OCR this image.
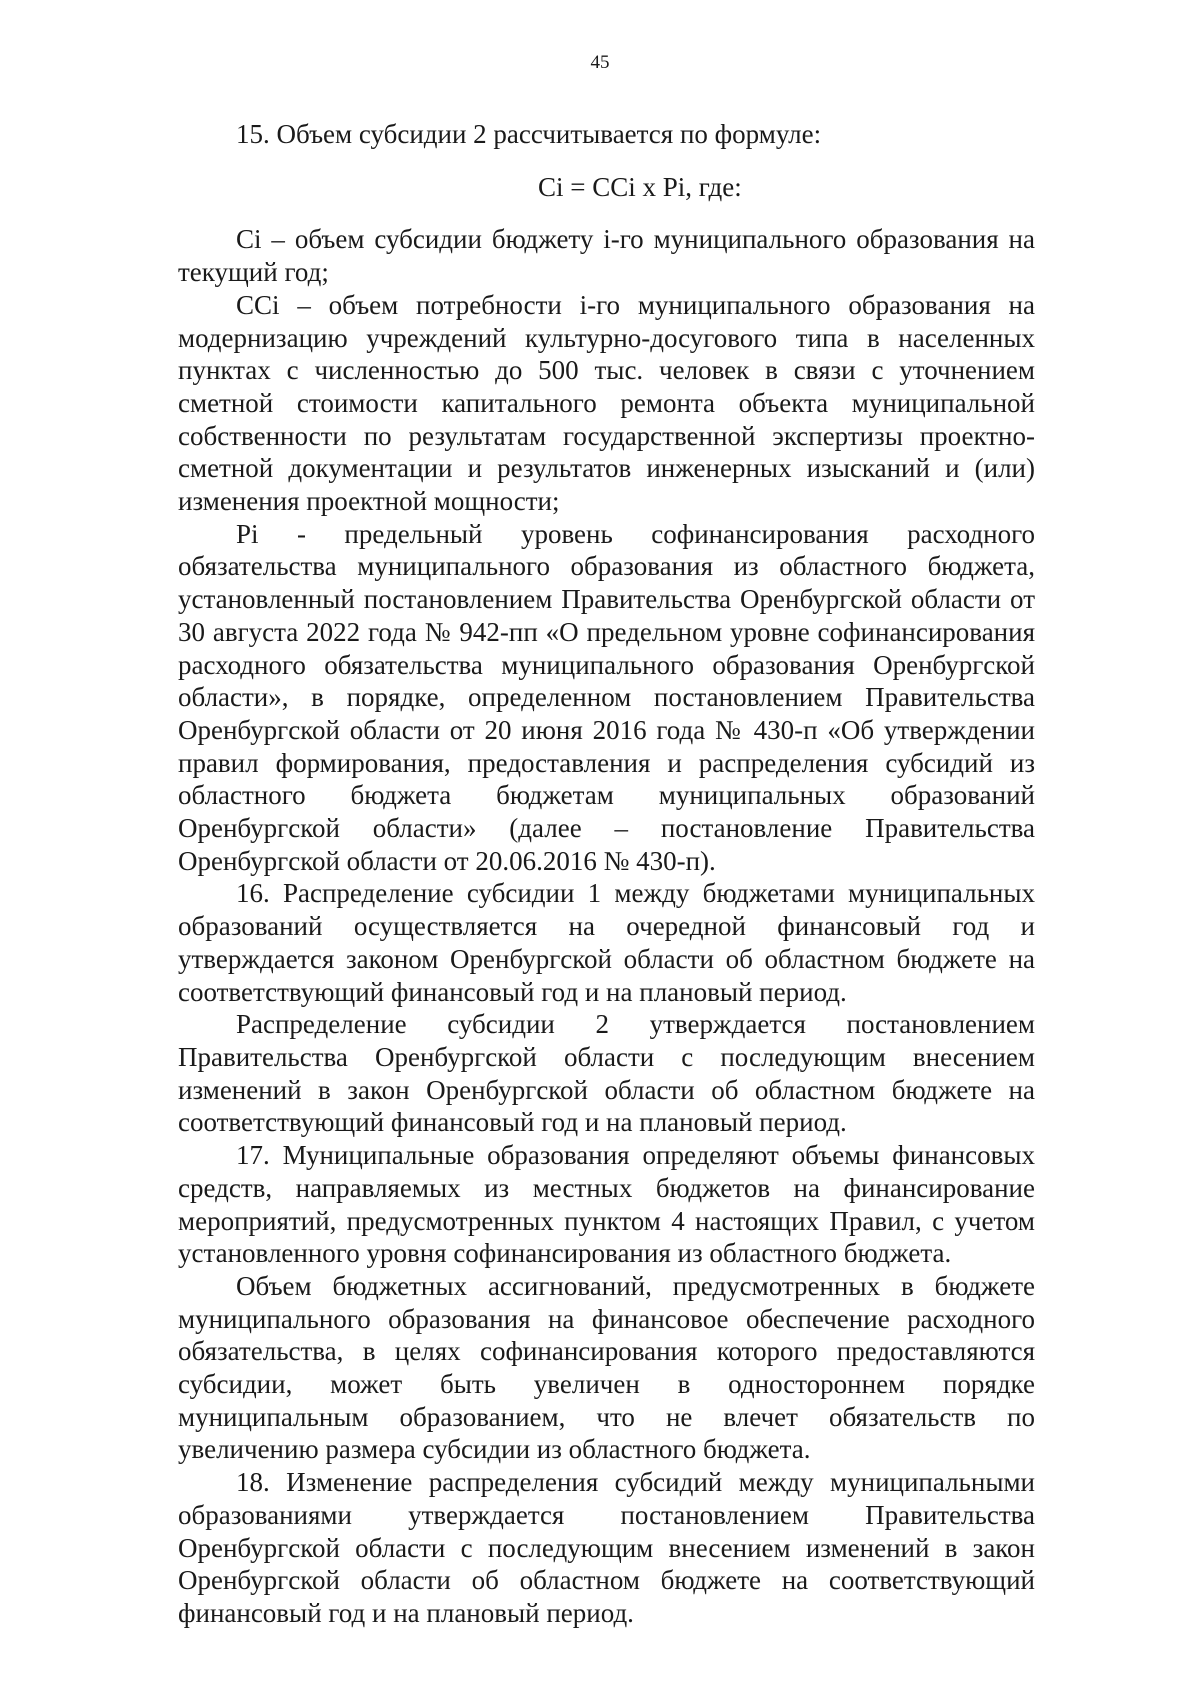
45

15. Объем субсидии 2 рассчитывается по формуле:

Ci = CCi x Pi, где:

Ci – объем субсидии бюджету i-го муниципального образования на текущий год;

CCi – объем потребности i-го муниципального образования на модернизацию учреждений культурно-досугового типа в населенных пунктах с численностью до 500 тыс. человек в связи с уточнением сметной стоимости капитального ремонта объекта муниципальной собственности по результатам государственной экспертизы проектно-сметной документации и результатов инженерных изысканий и (или) изменения проектной мощности;

Pi - предельный уровень софинансирования расходного обязательства муниципального образования из областного бюджета, установленный постановлением Правительства Оренбургской области от 30 августа 2022 года № 942-пп «О предельном уровне софинансирования расходного обязательства муниципального образования Оренбургской области», в порядке, определенном постановлением Правительства Оренбургской области от 20 июня 2016 года № 430-п «Об утверждении правил формирования, предоставления и распределения субсидий из областного бюджета бюджетам муниципальных образований Оренбургской области» (далее – постановление Правительства Оренбургской области от 20.06.2016 № 430-п).

16. Распределение субсидии 1 между бюджетами муниципальных образований осуществляется на очередной финансовый год и утверждается законом Оренбургской области об областном бюджете на соответствующий финансовый год и на плановый период.

Распределение субсидии 2 утверждается постановлением Правительства Оренбургской области с последующим внесением изменений в закон Оренбургской области об областном бюджете на соответствующий финансовый год и на плановый период.

17. Муниципальные образования определяют объемы финансовых средств, направляемых из местных бюджетов на финансирование мероприятий, предусмотренных пунктом 4 настоящих Правил, с учетом установленного уровня софинансирования из областного бюджета.

Объем бюджетных ассигнований, предусмотренных в бюджете муниципального образования на финансовое обеспечение расходного обязательства, в целях софинансирования которого предоставляются субсидии, может быть увеличен в одностороннем порядке муниципальным образованием, что не влечет обязательств по увеличению размера субсидии из областного бюджета.

18. Изменение распределения субсидий между муниципальными образованиями утверждается постановлением Правительства Оренбургской области с последующим внесением изменений в закон Оренбургской области об областном бюджете на соответствующий финансовый год и на плановый период.
